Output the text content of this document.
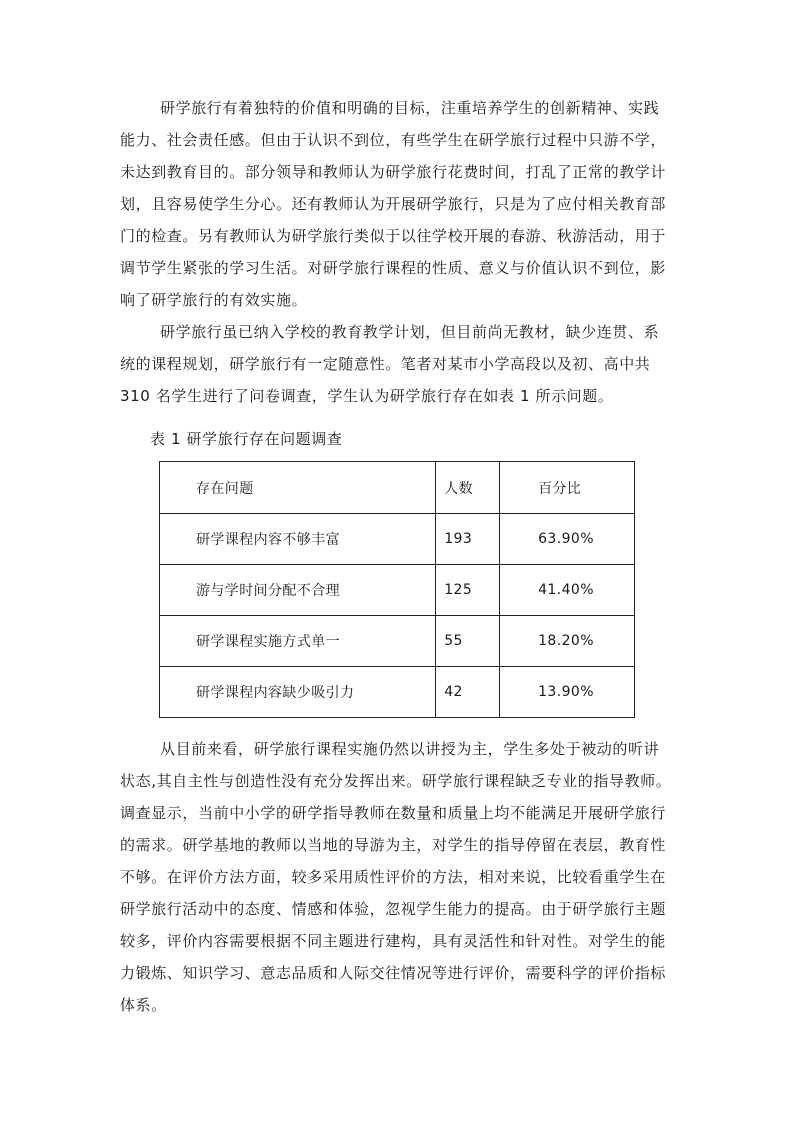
研学旅行有着独特的价值和明确的目标，注重培养学生的创新精神、实践
能力、社会责任感。但由于认识不到位，有些学生在研学旅行过程中只游不学，
未达到教育目的。部分领导和教师认为研学旅行花费时间，打乱了正常的教学计
划，且容易使学生分心。还有教师认为开展研学旅行，只是为了应付相关教育部
门的检查。另有教师认为研学旅行类似于以往学校开展的春游、秋游活动，用于
调节学生紧张的学习生活。对研学旅行课程的性质、意义与价值认识不到位，影
响了研学旅行的有效实施。

研学旅行虽已纳入学校的教育教学计划，但目前尚无教材，缺少连贯、系
统的课程规划，研学旅行有一定随意性。笔者对某市小学高段以及初、高中共
310 名学生进行了问卷调查，学生认为研学旅行存在如表 1 所示问题。

表 1 研学旅行存在问题调查

存在问题	人数	百分比
研学课程内容不够丰富	193	63.90%
游与学时间分配不合理	125	41.40%
研学课程实施方式单一	55	18.20%
研学课程内容缺少吸引力	42	13.90%

从目前来看，研学旅行课程实施仍然以讲授为主，学生多处于被动的听讲
状态,其自主性与创造性没有充分发挥出来。研学旅行课程缺乏专业的指导教师。
调查显示，当前中小学的研学指导教师在数量和质量上均不能满足开展研学旅行
的需求。研学基地的教师以当地的导游为主，对学生的指导停留在表层，教育性
不够。在评价方法方面，较多采用质性评价的方法，相对来说，比较看重学生在
研学旅行活动中的态度、情感和体验，忽视学生能力的提高。由于研学旅行主题
较多，评价内容需要根据不同主题进行建构，具有灵活性和针对性。对学生的能
力锻炼、知识学习、意志品质和人际交往情况等进行评价，需要科学的评价指标
体系。
